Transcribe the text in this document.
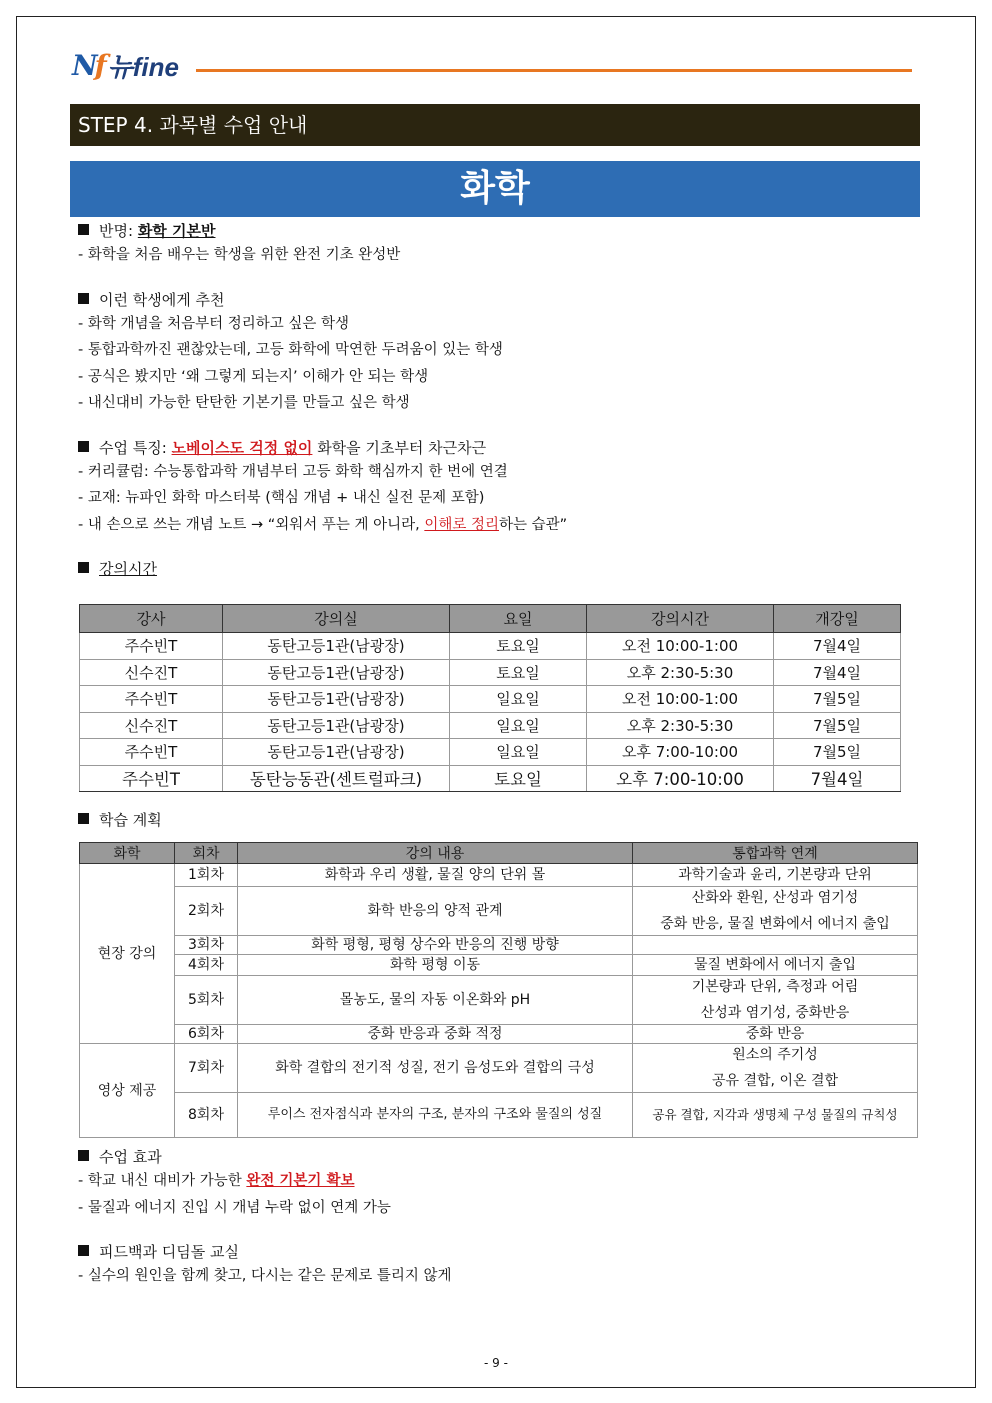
Nf 뉴fine
STEP 4. 과목별 수업 안내
화학

반명: 화학 기본반

- 화학을 처음 배우는 학생을 위한 완전 기초 완성반

이런 학생에게 추천

- 화학 개념을 처음부터 정리하고 싶은 학생

- 통합과학까진 괜찮았는데, 고등 화학에 막연한 두려움이 있는 학생

- 공식은 봤지만 ‘왜 그렇게 되는지’ 이해가 안 되는 학생

- 내신대비 가능한 탄탄한 기본기를 만들고 싶은 학생

수업 특징: 노베이스도 걱정 없이 화학을 기초부터 차근차근

- 커리큘럼: 수능통합과학 개념부터 고등 화학 핵심까지 한 번에 연결

- 교재: 뉴파인 화학 마스터북 (핵심 개념 + 내신 실전 문제 포함)

- 내 손으로 쓰는 개념 노트 → “외워서 푸는 게 아니라, 이해로 정리하는 습관”

강의시간

강사	강의실	요일	강의시간	개강일
주수빈T	동탄고등1관(남광장)	토요일	오전 10:00-1:00	7월4일
신수진T	동탄고등1관(남광장)	토요일	오후 2:30-5:30	7월4일
주수빈T	동탄고등1관(남광장)	일요일	오전 10:00-1:00	7월5일
신수진T	동탄고등1관(남광장)	일요일	오후 2:30-5:30	7월5일
주수빈T	동탄고등1관(남광장)	일요일	오후 7:00-10:00	7월5일
주수빈T	동탄능동관(센트럴파크)	토요일	오후 7:00-10:00	7월4일

학습 계획

화학	회차	강의 내용	통합과학 연계
현장 강의	1회차	화학과 우리 생활, 물질 양의 단위 몰	과학기술과 윤리, 기본량과 단위
	2회차	화학 반응의 양적 관계	산화와 환원, 산성과 염기성
중화 반응, 물질 변화에서 에너지 출입

	3회차	화학 평형, 평형 상수와 반응의 진행 방향	
	4회차	화학 평형 이동	물질 변화에서 에너지 출입
	5회차	몰농도, 물의 자동 이온화와 pH	기본량과 단위, 측정과 어림
산성과 염기성, 중화반응

	6회차	중화 반응과 중화 적정	중화 반응
영상 제공	7회차	화학 결합의 전기적 성질, 전기 음성도와 결합의 극성	원소의 주기성
공유 결합, 이온 결합

	8회차	루이스 전자점식과 분자의 구조, 분자의 구조와 물질의 성질	공유 결합, 지각과 생명체 구성 물질의 규칙성

수업 효과

- 학교 내신 대비가 가능한 완전 기본기 확보

- 물질과 에너지 진입 시 개념 누락 없이 연계 가능

피드백과 디딤돌 교실

- 실수의 원인을 함께 찾고, 다시는 같은 문제로 틀리지 않게

- 9 -
